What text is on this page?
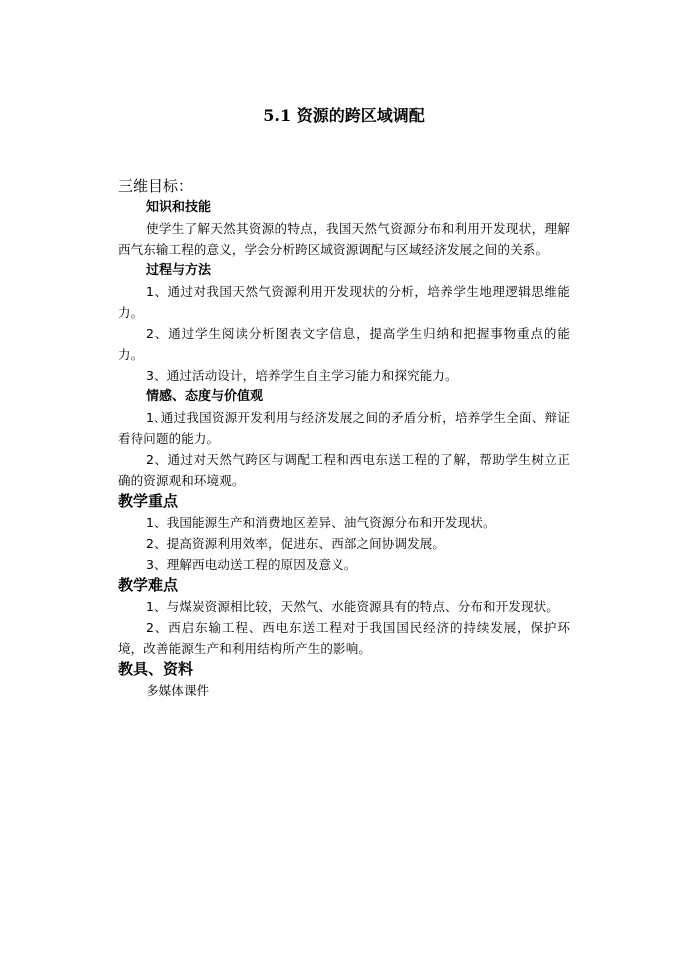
5.1 资源的跨区域调配
三维目标：
知识和技能

使学生了解天然其资源的特点，我国天然气资源分布和利用开发现状，理解西气东输工程的意义，学会分析跨区域资源调配与区域经济发展之间的关系。

过程与方法

1、通过对我国天然气资源利用开发现状的分析，培养学生地理逻辑思维能力。

2、通过学生阅读分析图表文字信息，提高学生归纳和把握事物重点的能力。

3、通过活动设计，培养学生自主学习能力和探究能力。

情感、态度与价值观

1､通过我国资源开发利用与经济发展之间的矛盾分析，培养学生全面、辩证看待问题的能力。

2、通过对天然气跨区与调配工程和西电东送工程的了解，帮助学生树立正确的资源观和环境观。

教学重点

1、我国能源生产和消费地区差异、油气资源分布和开发现状。

2、提高资源利用效率，促进东、西部之间协调发展。

3、理解西电动送工程的原因及意义。

教学难点

1、与煤炭资源相比较，天然气、水能资源具有的特点、分布和开发现状。

2、西启东输工程、西电东送工程对于我国国民经济的持续发展，保护环境，改善能源生产和利用结构所产生的影响。

教具、资料

多媒体课件
